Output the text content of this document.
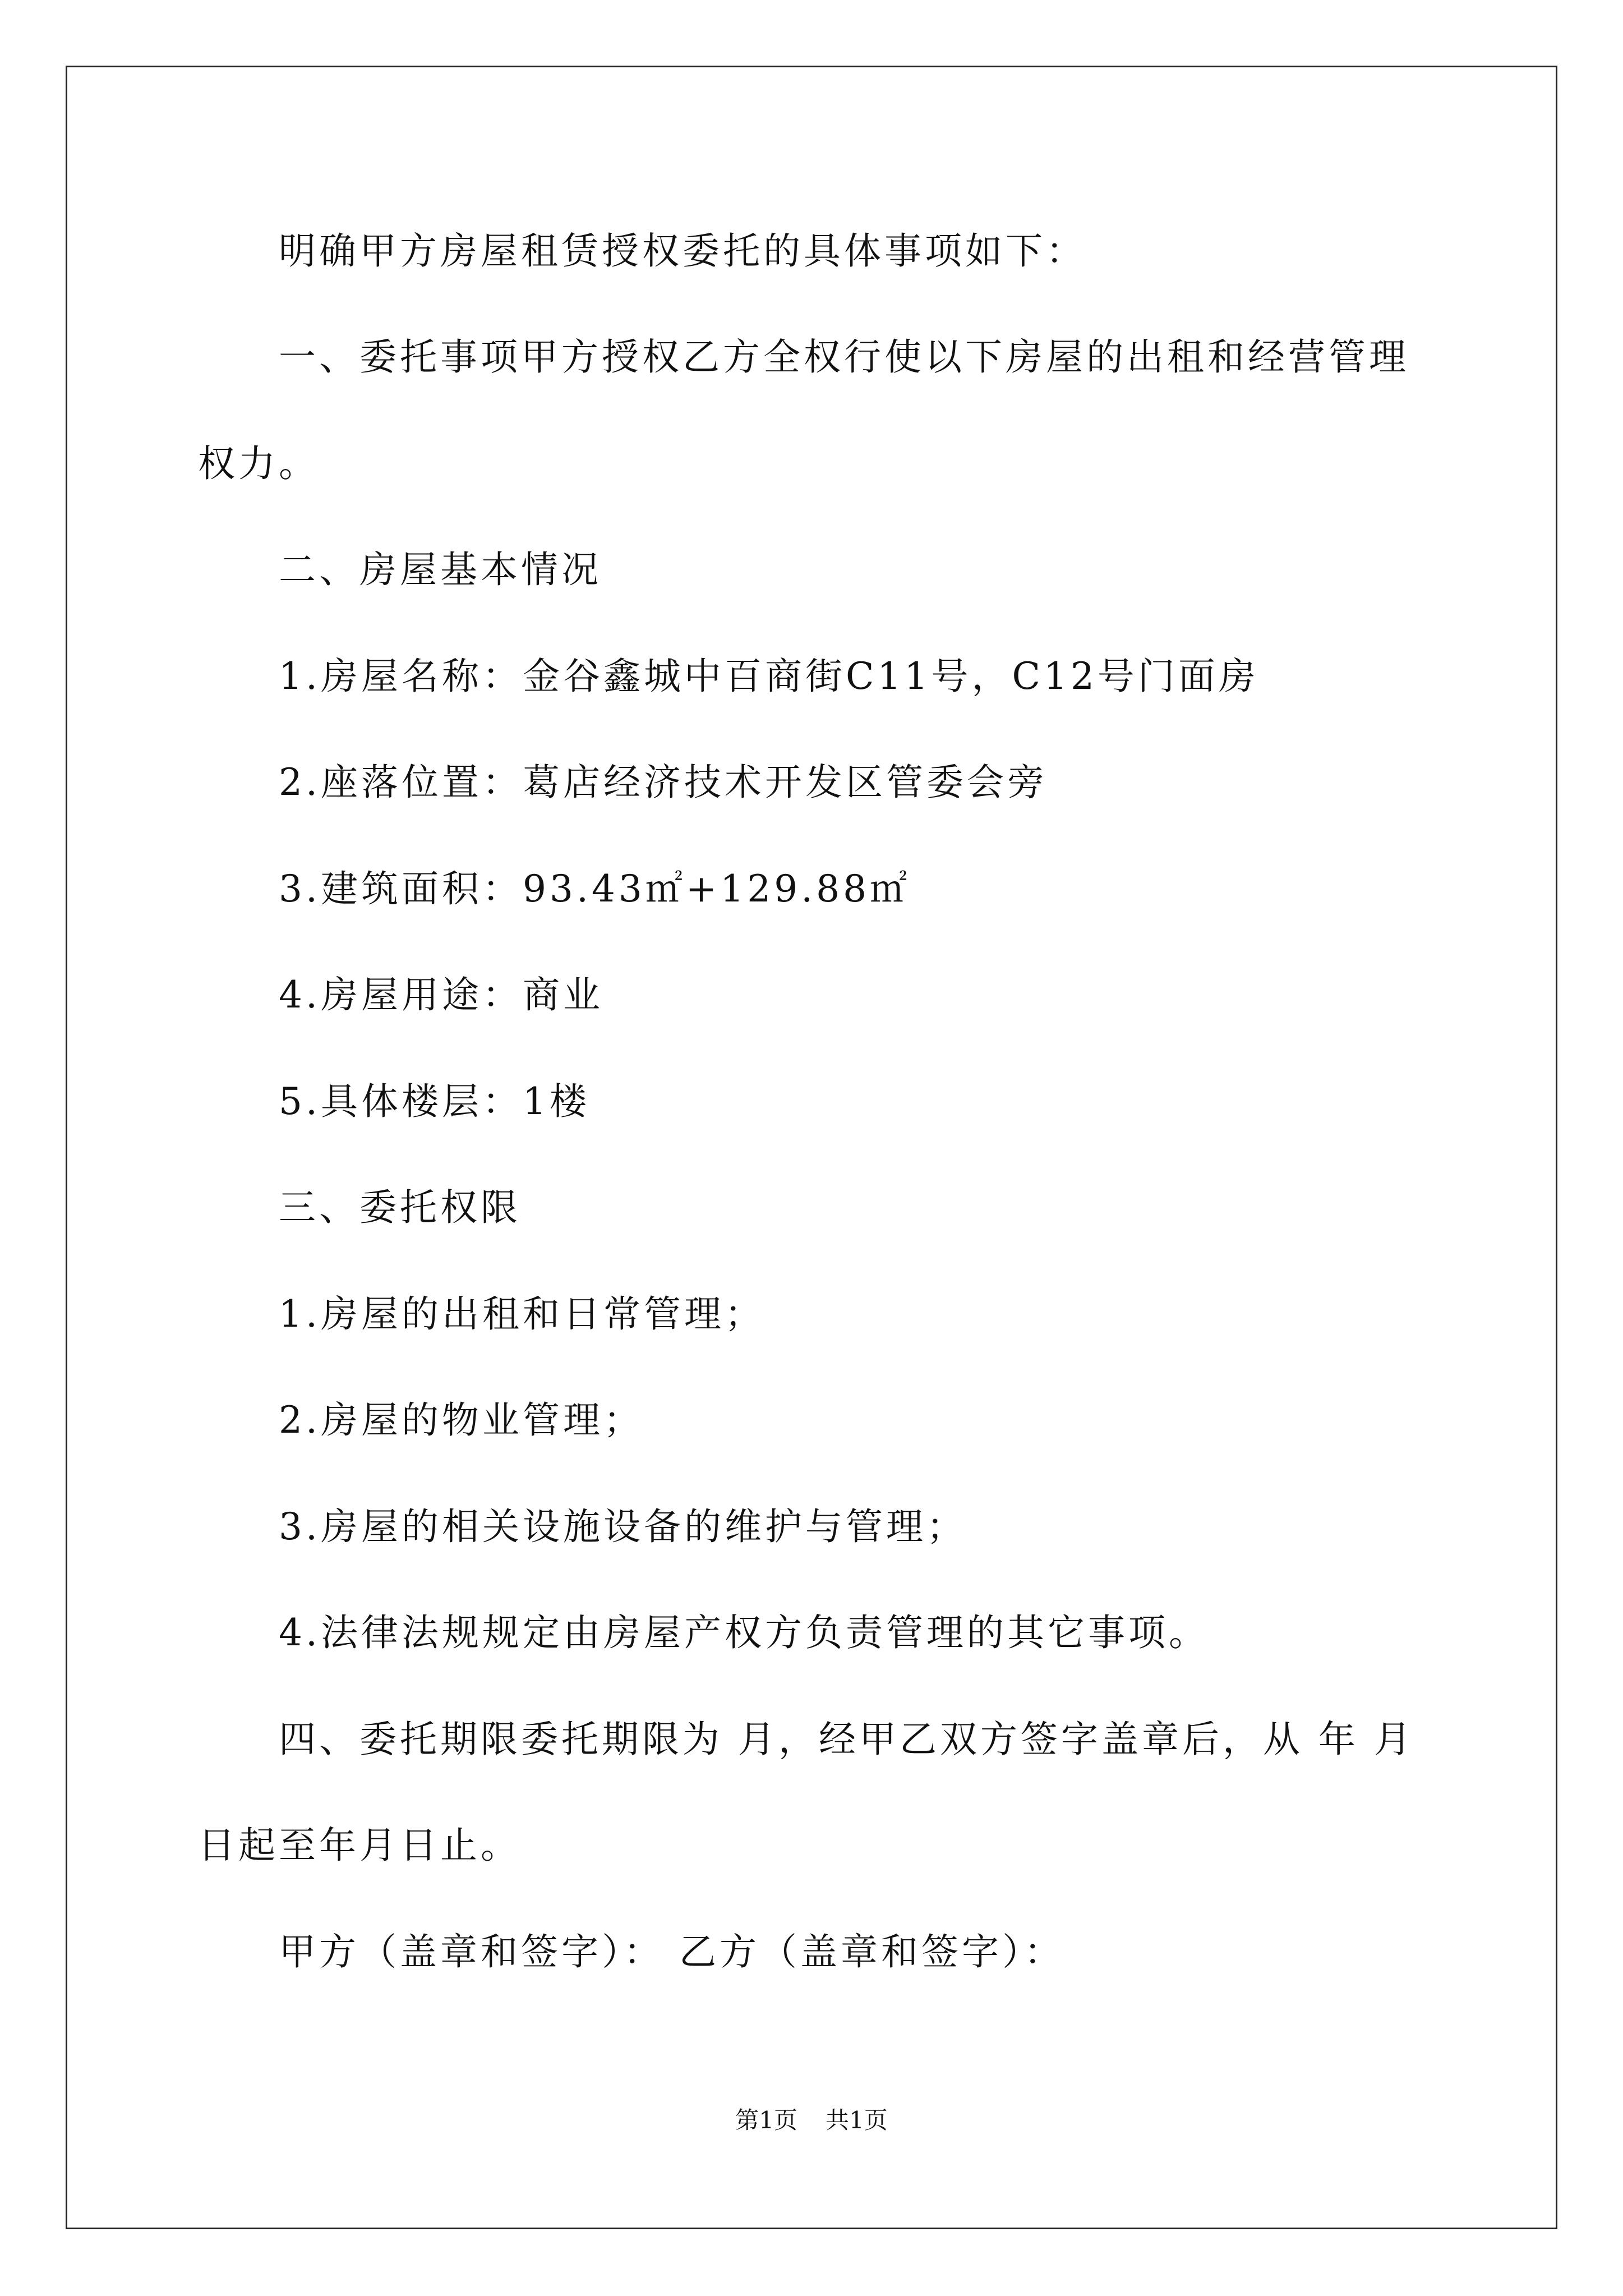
明确甲方房屋租赁授权委托的具体事项如下：
一、委托事项甲方授权乙方全权行使以下房屋的出租和经营管理
权力。
二、房屋基本情况
1.房屋名称：金谷鑫城中百商街C11号，C12号门面房
2.座落位置：葛店经济技术开发区管委会旁
3.建筑面积：93.43㎡+129.88㎡
4.房屋用途：商业
5.具体楼层：1楼
三、委托权限
1.房屋的出租和日常管理；
2.房屋的物业管理；
3.房屋的相关设施设备的维护与管理；
4.法律法规规定由房屋产权方负责管理的其它事项。
四、委托期限委托期限为 月，经甲乙双方签字盖章后，从 年 月
日起至年月日止。
甲方（盖章和签字）： 乙方（盖章和签字）：
第1页 共1页
